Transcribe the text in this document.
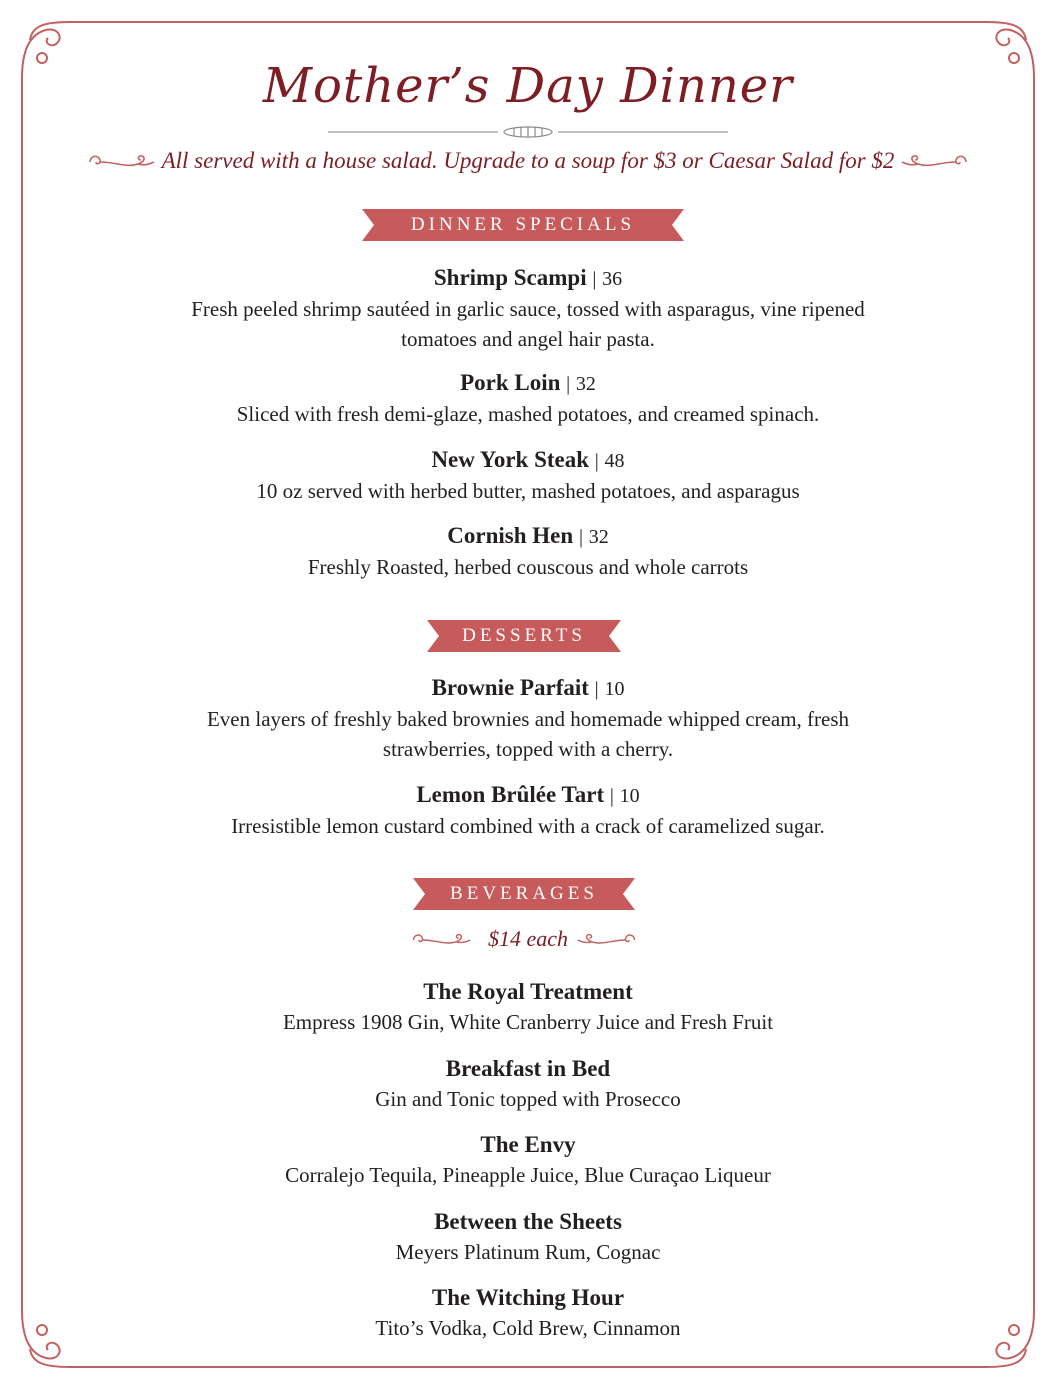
Mother’s Day Dinner
All served with a house salad. Upgrade to a soup for $3 or Caesar Salad for $2
DINNER SPECIALS
Shrimp Scampi | 36
Fresh peeled shrimp sautéed in garlic sauce, tossed with asparagus, vine ripened tomatoes and angel hair pasta.
Pork Loin | 32
Sliced with fresh demi-glaze, mashed potatoes, and creamed spinach.
New York Steak | 48
10 oz served with herbed butter, mashed potatoes, and asparagus
Cornish Hen | 32
Freshly Roasted, herbed couscous and whole carrots
DESSERTS
Brownie Parfait | 10
Even layers of freshly baked brownies and homemade whipped cream, fresh strawberries, topped with a cherry.
Lemon Brûlée Tart | 10
Irresistible lemon custard combined with a crack of caramelized sugar.
BEVERAGES
$14 each
The Royal Treatment
Empress 1908 Gin, White Cranberry Juice and Fresh Fruit
Breakfast in Bed
Gin and Tonic topped with Prosecco
The Envy
Corralejo Tequila, Pineapple Juice, Blue Curaçao Liqueur
Between the Sheets
Meyers Platinum Rum, Cognac
The Witching Hour
Tito’s Vodka, Cold Brew, Cinnamon
